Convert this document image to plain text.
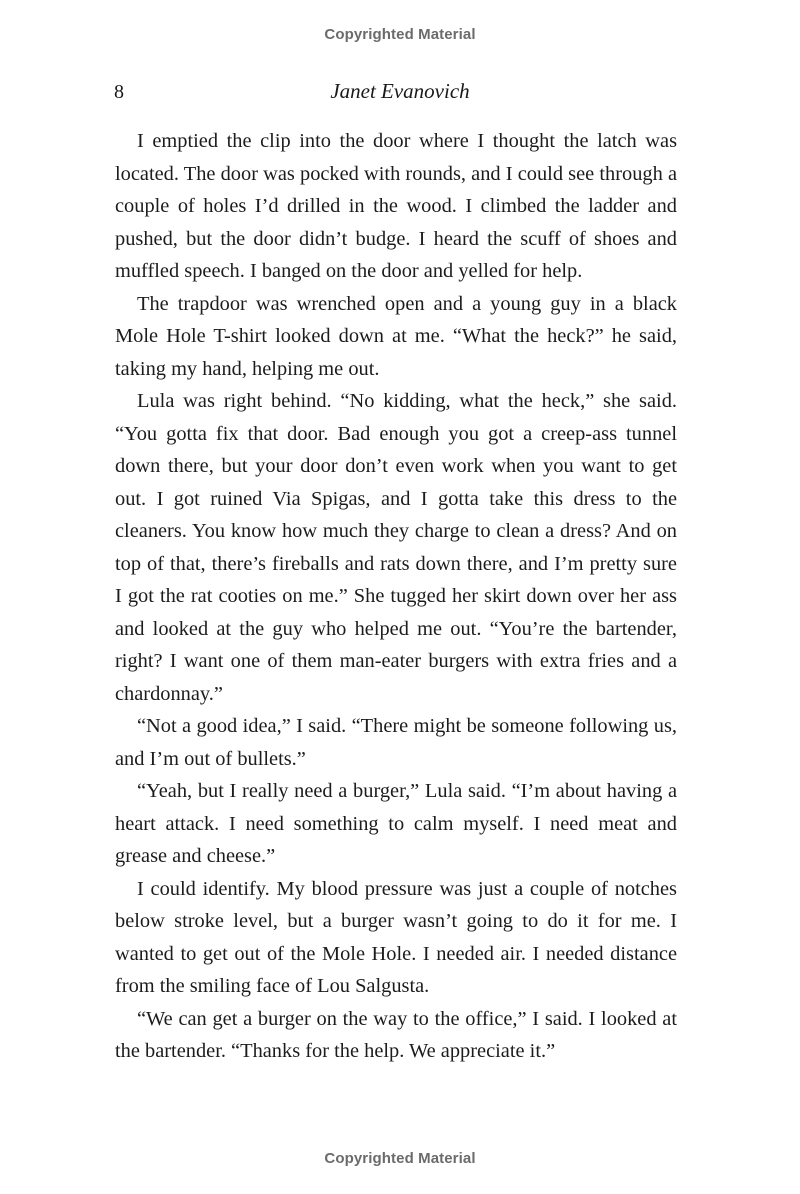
Copyrighted Material
8	Janet Evanovich

I emptied the clip into the door where I thought the latch was located. The door was pocked with rounds, and I could see through a couple of holes I’d drilled in the wood. I climbed the ladder and pushed, but the door didn’t budge. I heard the scuff of shoes and muffled speech. I banged on the door and yelled for help.

The trapdoor was wrenched open and a young guy in a black Mole Hole T-shirt looked down at me. “What the heck?” he said, taking my hand, helping me out.

Lula was right behind. “No kidding, what the heck,” she said. “You gotta fix that door. Bad enough you got a creep-ass tunnel down there, but your door don’t even work when you want to get out. I got ruined Via Spigas, and I gotta take this dress to the cleaners. You know how much they charge to clean a dress? And on top of that, there’s fireballs and rats down there, and I’m pretty sure I got the rat cooties on me.” She tugged her skirt down over her ass and looked at the guy who helped me out. “You’re the bartender, right? I want one of them man-eater burgers with extra fries and a chardonnay.”

“Not a good idea,” I said. “There might be someone following us, and I’m out of bullets.”

“Yeah, but I really need a burger,” Lula said. “I’m about having a heart attack. I need something to calm myself. I need meat and grease and cheese.”

I could identify. My blood pressure was just a couple of notches below stroke level, but a burger wasn’t going to do it for me. I wanted to get out of the Mole Hole. I needed air. I needed distance from the smiling face of Lou Salgusta.

“We can get a burger on the way to the office,” I said. I looked at the bartender. “Thanks for the help. We appreciate it.”

Copyrighted Material
